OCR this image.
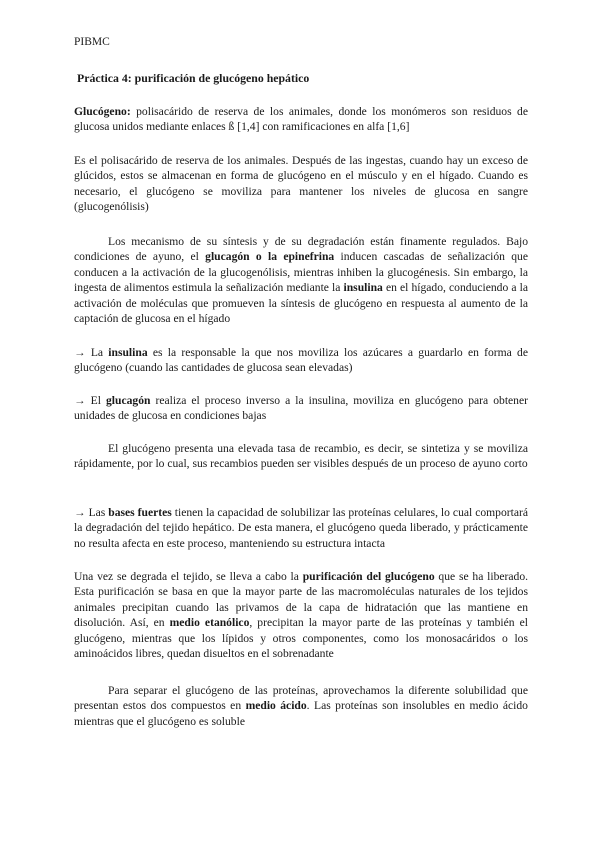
PIBMC
Práctica 4: purificación de glucógeno hepático

Glucógeno: polisacárido de reserva de los animales, donde los monómeros son residuos de glucosa unidos mediante enlaces ß [1,4] con ramificaciones en alfa [1,6]

Es el polisacárido de reserva de los animales. Después de las ingestas, cuando hay un exceso de glúcidos, estos se almacenan en forma de glucógeno en el músculo y en el hígado. Cuando es necesario, el glucógeno se moviliza para mantener los niveles de glucosa en sangre (glucogenólisis)

Los mecanismo de su síntesis y de su degradación están finamente regulados. Bajo condiciones de ayuno, el glucagón o la epinefrina inducen cascadas de señalización que conducen a la activación de la glucogenólisis, mientras inhiben la glucogénesis. Sin embargo, la ingesta de alimentos estimula la señalización mediante la insulina en el hígado, conduciendo a la activación de moléculas que promueven la síntesis de glucógeno en respuesta al aumento de la captación de glucosa en el hígado

→ La insulina es la responsable la que nos moviliza los azúcares a guardarlo en forma de glucógeno (cuando las cantidades de glucosa sean elevadas)

→ El glucagón realiza el proceso inverso a la insulina, moviliza en glucógeno para obtener unidades de glucosa en condiciones bajas

El glucógeno presenta una elevada tasa de recambio, es decir, se sintetiza y se moviliza rápidamente, por lo cual, sus recambios pueden ser visibles después de un proceso de ayuno corto

→ Las bases fuertes tienen la capacidad de solubilizar las proteínas celulares, lo cual comportará la degradación del tejido hepático. De esta manera, el glucógeno queda liberado, y prácticamente no resulta afecta en este proceso, manteniendo su estructura intacta

Una vez se degrada el tejido, se lleva a cabo la purificación del glucógeno que se ha liberado. Esta purificación se basa en que la mayor parte de las macromoléculas naturales de los tejidos animales precipitan cuando las privamos de la capa de hidratación que las mantiene en disolución. Así, en medio etanólico, precipitan la mayor parte de las proteínas y también el glucógeno, mientras que los lípidos y otros componentes, como los monosacáridos o los aminoácidos libres, quedan disueltos en el sobrenadante

Para separar el glucógeno de las proteínas, aprovechamos la diferente solubilidad que presentan estos dos compuestos en medio ácido. Las proteínas son insolubles en medio ácido mientras que el glucógeno es soluble
